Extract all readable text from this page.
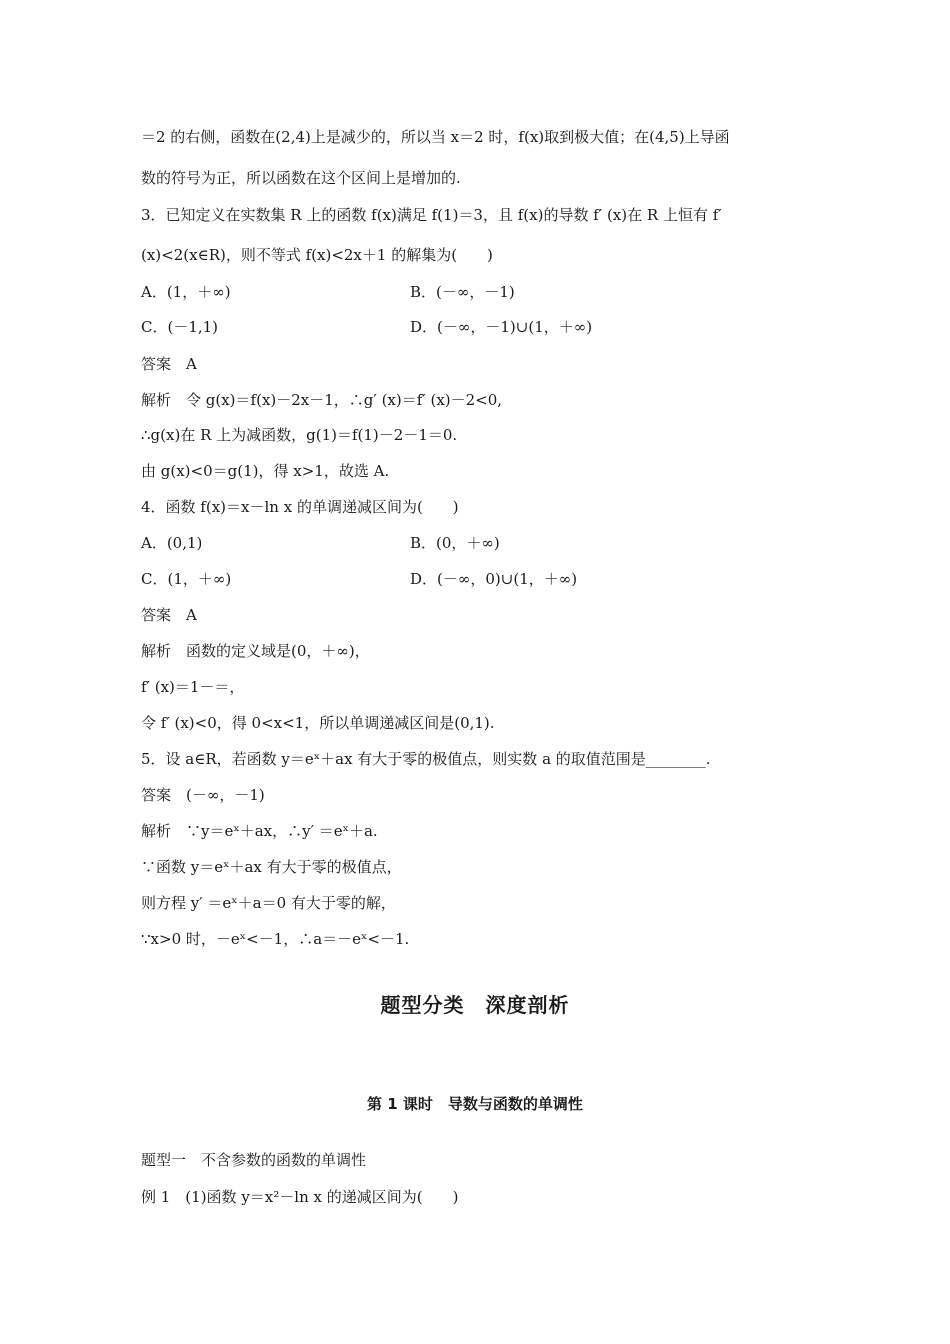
＝2 的右侧，函数在(2,4)上是减少的，所以当 x＝2 时，f(x)取到极大值；在(4,5)上导函
数的符号为正，所以函数在这个区间上是增加的.
3．已知定义在实数集 R 上的函数 f(x)满足 f(1)＝3，且 f(x)的导数 f′ (x)在 R 上恒有 f′
(x)<2(x∈R)，则不等式 f(x)<2x＋1 的解集为(　　)
A．(1，＋∞)	B．(－∞，－1)
C．(－1,1)	D．(－∞，－1)∪(1，＋∞)
答案　A
解析　令 g(x)＝f(x)－2x－1，∴g′ (x)＝f′ (x)－2<0,
∴g(x)在 R 上为减函数，g(1)＝f(1)－2－1＝0.
由 g(x)<0＝g(1)，得 x>1，故选 A.
4．函数 f(x)＝x－ln x 的单调递减区间为(　　)
A．(0,1)	B．(0，＋∞)
C．(1，＋∞)	D．(－∞，0)∪(1，＋∞)
答案　A
解析　函数的定义域是(0，＋∞)，
f′ (x)＝1－＝，
令 f′ (x)<0，得 0<x<1，所以单调递减区间是(0,1).
5．设 a∈R，若函数 y＝eˣ＋ax 有大于零的极值点，则实数 a 的取值范围是________.
答案　(－∞，－1)
解析　∵y＝eˣ＋ax，∴y′ ＝eˣ＋a.
∵函数 y＝eˣ＋ax 有大于零的极值点，
则方程 y′ ＝eˣ＋a＝0 有大于零的解，
∵x>0 时，－eˣ<－1，∴a＝－eˣ<－1.
题型分类　深度剖析
第 1 课时　导数与函数的单调性
题型一　不含参数的函数的单调性
例 1　(1)函数 y＝x²－ln x 的递减区间为(　　)
